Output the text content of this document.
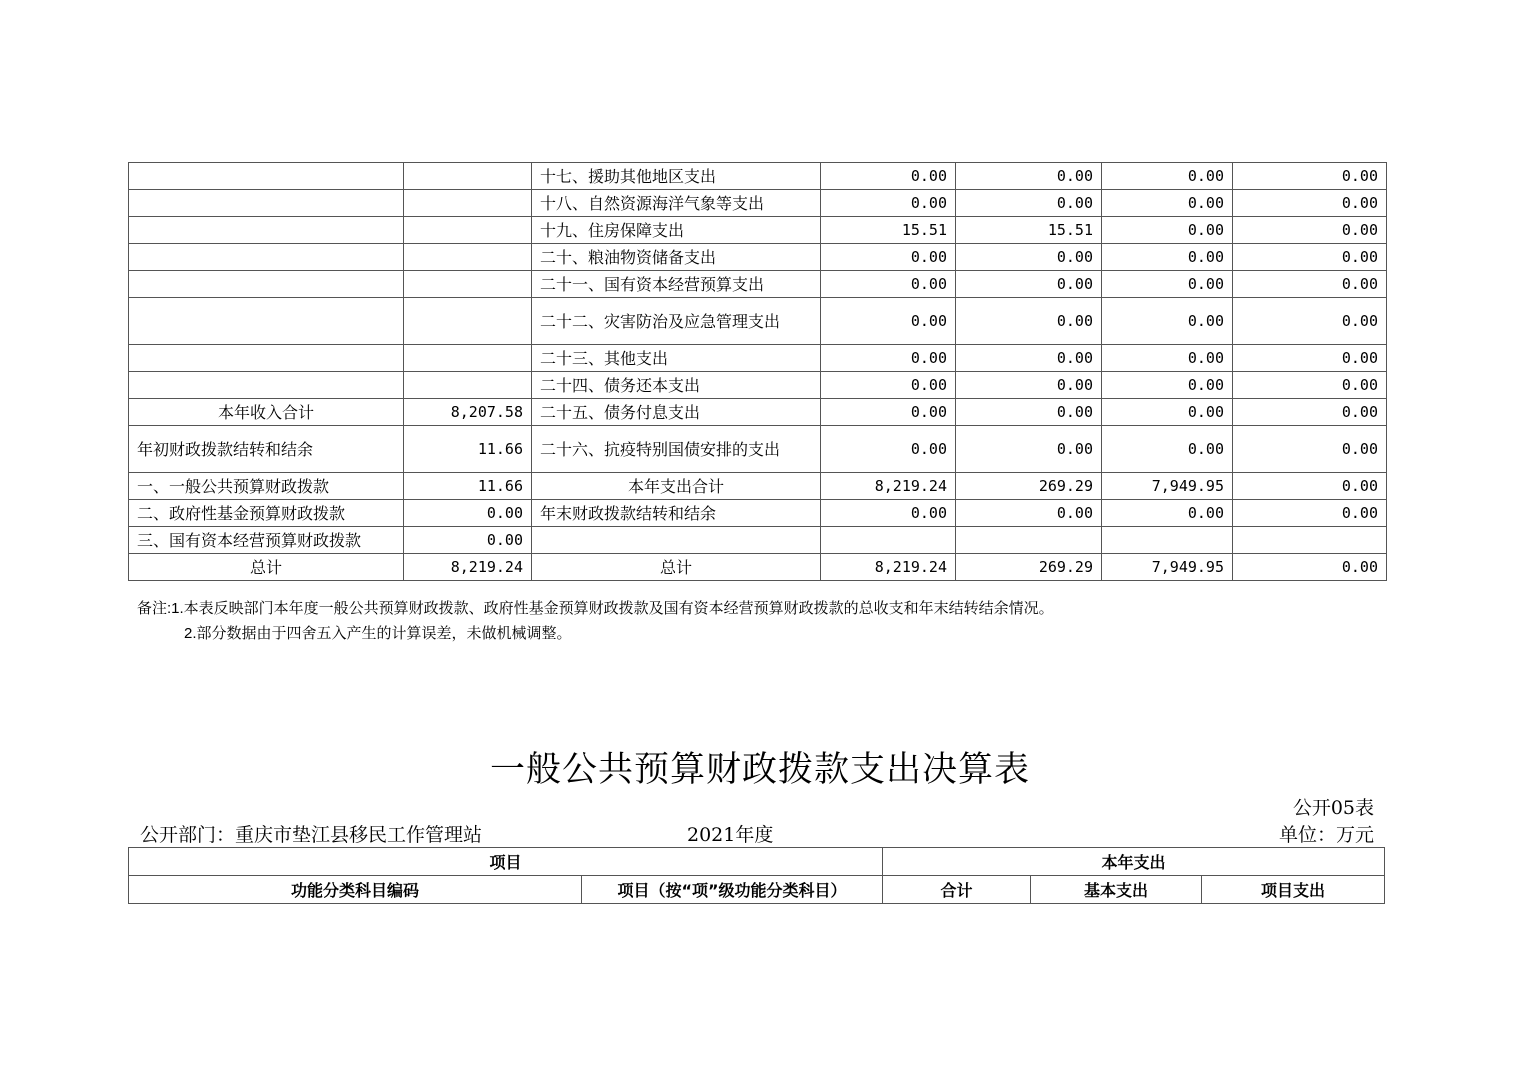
		十七、援助其他地区支出	0.00	0.00	0.00	0.00
		十八、自然资源海洋气象等支出	0.00	0.00	0.00	0.00
		十九、住房保障支出	15.51	15.51	0.00	0.00
		二十、粮油物资储备支出	0.00	0.00	0.00	0.00
		二十一、国有资本经营预算支出	0.00	0.00	0.00	0.00
		二十二、灾害防治及应急管理支出	0.00	0.00	0.00	0.00
		二十三、其他支出	0.00	0.00	0.00	0.00
		二十四、债务还本支出	0.00	0.00	0.00	0.00
本年收入合计	8,207.58	二十五、债务付息支出	0.00	0.00	0.00	0.00
年初财政拨款结转和结余	11.66	二十六、抗疫特别国债安排的支出	0.00	0.00	0.00	0.00
一、一般公共预算财政拨款	11.66	本年支出合计	8,219.24	269.29	7,949.95	0.00
二、政府性基金预算财政拨款	0.00	年末财政拨款结转和结余	0.00	0.00	0.00	0.00
三、国有资本经营预算财政拨款	0.00					
总计	8,219.24	总计	8,219.24	269.29	7,949.95	0.00
备注:1.本表反映部门本年度一般公共预算财政拨款、政府性基金预算财政拨款及国有资本经营预算财政拨款的总收支和年末结转结余情况。
2.部分数据由于四舍五入产生的计算误差，未做机械调整。
一般公共预算财政拨款支出决算表
公开05表
公开部门：重庆市垫江县移民工作管理站	2021年度	单位：万元
项目		本年支出		
功能分类科目编码	项目（按“项”级功能分类科目）	合计	基本支出	项目支出
